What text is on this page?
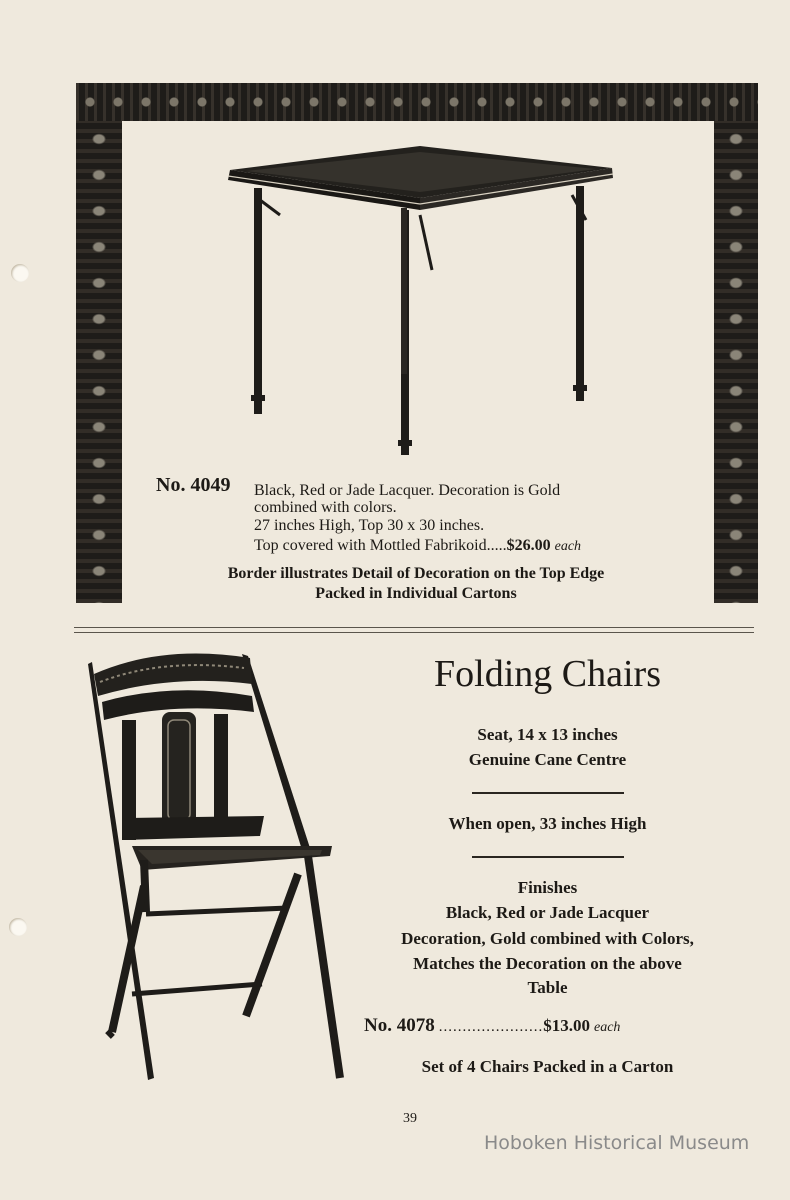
No. 4049 Black, Red or Jade Lacquer. Decoration is Gold
combined with colors.
27 inches High, Top 30 x 30 inches.
Top covered with Mottled Fabrikoid.....$26.00 each
Border illustrates Detail of Decoration on the Top Edge
Packed in Individual Cartons
Folding Chairs
Seat, 14 x 13 inches
Genuine Cane Centre
When open, 33 inches High
Finishes
Black, Red or Jade Lacquer
Decoration, Gold combined with Colors,
Matches the Decoration on the above
Table
No. 4078 ......................$13.00 each
Set of 4 Chairs Packed in a Carton
39
Hoboken Historical Museum
